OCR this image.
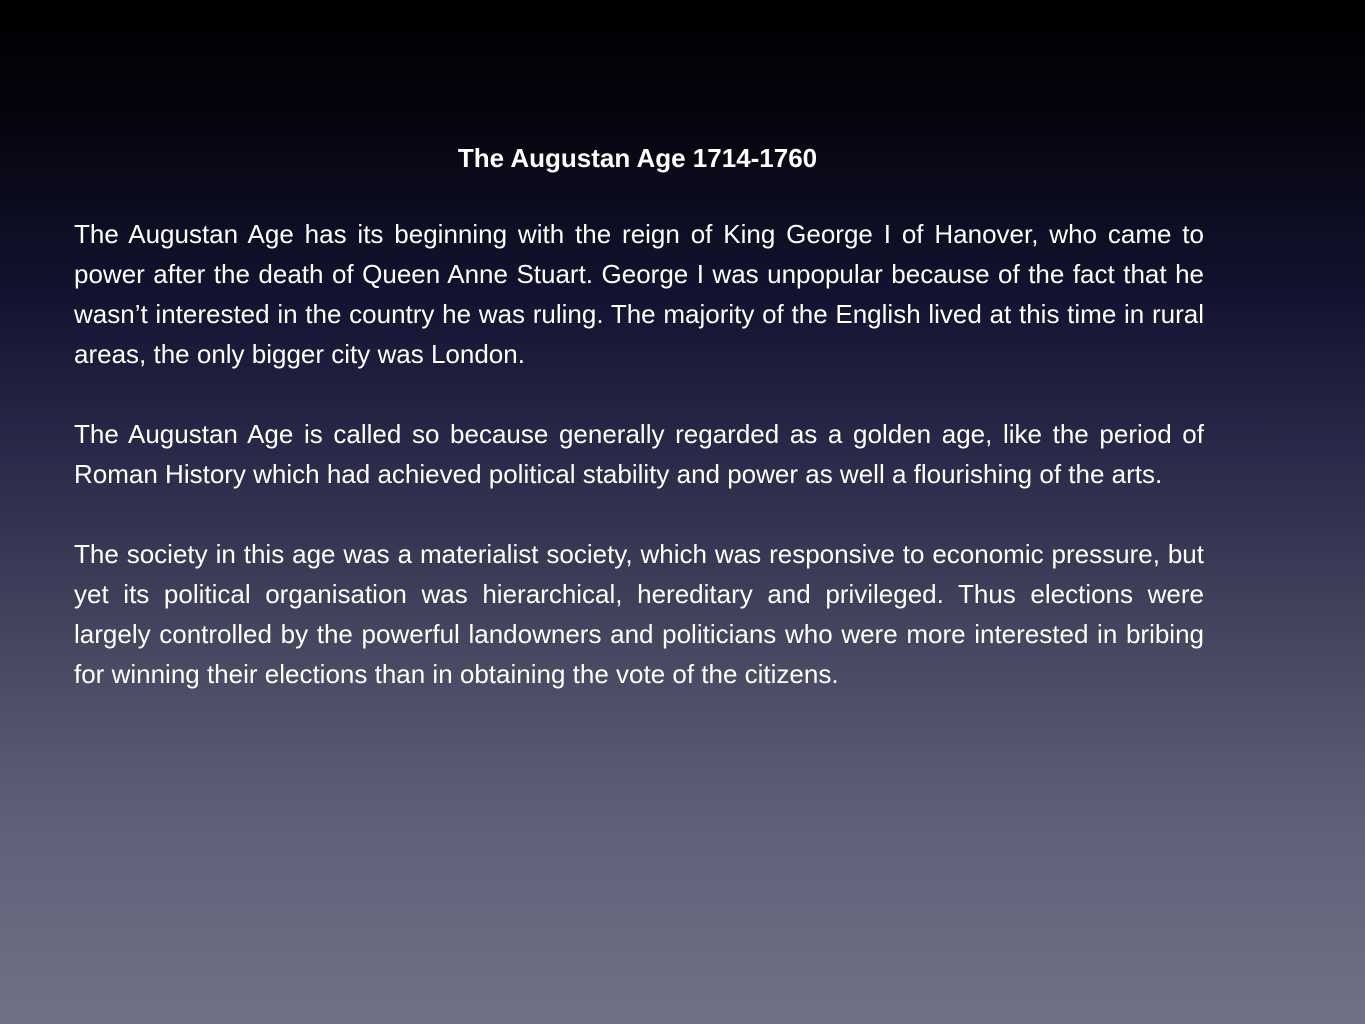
The Augustan Age 1714-1760

The Augustan Age has its beginning with the reign of King George I of Hanover, who came to power after the death of Queen Anne Stuart. George I was unpopular because of the fact that he wasn’t interested in the country he was ruling. The majority of the English lived at this time in rural areas, the only bigger city was London.

The Augustan Age is called so because generally regarded as a golden age, like the period of Roman History which had achieved political stability and power as well a flourishing of the arts.

The society in this age was a materialist society, which was responsive to economic pressure, but yet its political organisation was hierarchical, hereditary and privileged. Thus elections were largely controlled by the powerful landowners and politicians who were more interested in bribing for winning their elections than in obtaining the vote of the citizens.
